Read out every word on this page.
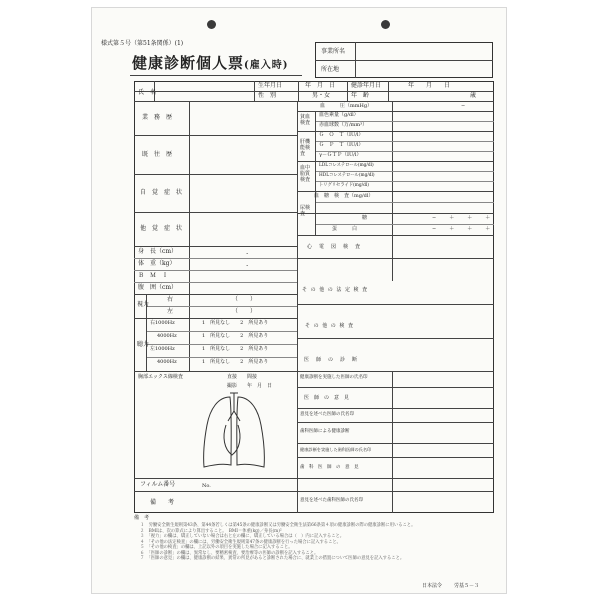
様式第５号（第51条関係）(1)
健康診断個人票(雇入時)
事業所名
所在地
氏　名
生年月日	年　月　日	健診年月日	年　月　日
性　別	男・女	年　齢	歳
業　務　歴
既　往　歴
自　覚　症　状
他　覚　症　状
身　長（cm）	.
体　重（kg）	.
Ｂ　Ｍ　Ｉ
腹　囲（cm）
視力
右	（　　）
左	（　　）
聴力
右1000Hz	1　所見なし　　2　所見あり
4000Hz	1　所見なし　　2　所見あり
左1000Hz	1　所見なし　　2　所見あり
4000Hz	1　所見なし　　2　所見あり
胸部エックス線検査	直接　　間接
撮影　　年　月　日
フィルム番号	No.
備　　考
血　　　圧（mmHg）	−
貧血検査
血色素量（g/dl）
赤血球数（万/mm³）
肝機能検査
Ｇ　Ｏ　Ｔ（IU/l）
Ｇ　Ｐ　Ｔ（IU/l）
γ－ＧＴＰ（IU/l）
血中脂質検査
LDLコレステロール(mg/dl)
HDLコレステロール(mg/dl)
トリグリセライド(mg/dl)
血　糖　検　査（mg/dl）
尿検査
糖	−　＋　＋　＋
蛋　　　白	−　＋　＋　＋
心　電　図　検　査
そ の 他 の 法 定 検 査
そ の 他 の 検 査
医　師　の　診　断
健康診断を実施した医師の氏名印
医　師　の　意　見
意見を述べた医師の氏名印
歯科医師による健康診断
健康診断を実施した歯科医師の氏名印
歯　科　医　師　の　意　見
意見を述べた歯科医師の氏名印
備　考
１　労働安全衛生規則第43条、第44条若しくは第45条の健康診断又は労働安全衛生法第66条第４項の健康診断の際の健康診断に用いること。
２　BMIは、次の算式により算出すること。　BMI＝体重(kg)／身長(m)²
３　「視力」の欄は、矯正していない場合は右と左の欄に、矯正している場合は（　）内に記入すること。
４　「その他の法定検査」の欄には、労働安全衛生規則第47条の健康診断を行った場合に記入すること。
５　「その他の検査」の欄は、上記以外の項目を実施した場合に記入すること。
６　「医師の診断」の欄は、異常なし、要精密検査、要治療等の医師の診断を記入すること。
７　「医師の意見」の欄は、健康診断の結果、異常の所見があると診断された場合に、就業上の措置について医師の意見を記入すること。
日本法令 労基５－３
